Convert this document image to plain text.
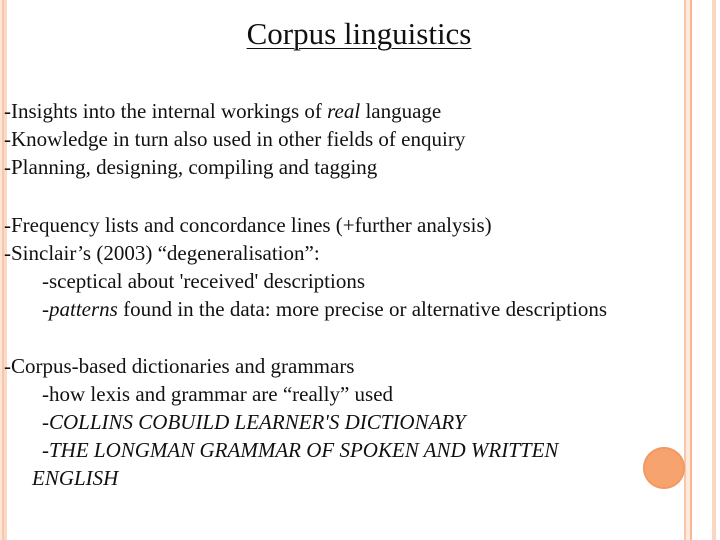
Corpus linguistics
-Insights into the internal workings of real language
-Knowledge in turn also used in other fields of enquiry
-Planning, designing, compiling and tagging
-Frequency lists and concordance lines (+further analysis)
-Sinclair’s (2003) “degeneralisation”:
-sceptical about 'received' descriptions
-patterns found in the data: more precise or alternative descriptions
-Corpus-based dictionaries and grammars
-how lexis and grammar are “really” used
-COLLINS COBUILD LEARNER'S DICTIONARY
-THE LONGMAN GRAMMAR OF SPOKEN AND WRITTEN
ENGLISH
